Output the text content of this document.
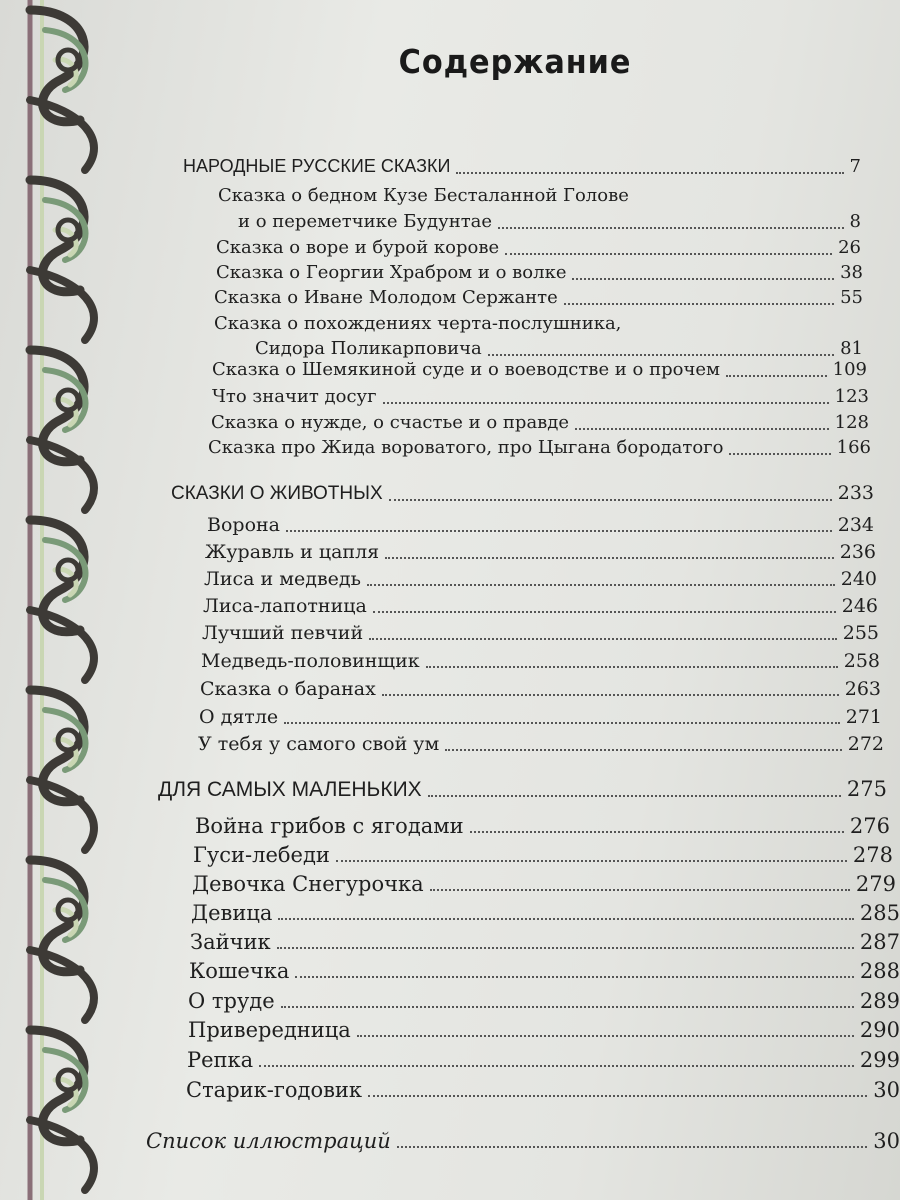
Содержание
НАРОДНЫЕ РУССКИЕ СКАЗКИ	7
Сказка о бедном Кузе Бесталанной Голове
и о переметчике Будунтае	8
Сказка о воре и бурой корове	26
Сказка о Георгии Храбром и о волке	38
Сказка о Иване Молодом Сержанте	55
Сказка о похождениях черта-послушника,
Сидора Поликарповича	81
Сказка о Шемякиной суде и о воеводстве и о прочем	109
Что значит досуг	123
Сказка о нужде, о счастье и о правде	128
Сказка про Жида вороватого, про Цыгана бородатого	166
СКАЗКИ О ЖИВОТНЫХ	233
Ворона	234
Журавль и цапля	236
Лиса и медведь	240
Лиса-лапотница	246
Лучший певчий	255
Медведь-половинщик	258
Сказка о баранах	263
О дятле	271
У тебя у самого свой ум	272
ДЛЯ САМЫХ МАЛЕНЬКИХ	275
Война грибов с ягодами	276
Гуси-лебеди	278
Девочка Снегурочка	279
Девица	285
Зайчик	287
Кошечка	288
О труде	289
Привередница	290
Репка	299
Старик-годовик	30
Список иллюстраций	30
